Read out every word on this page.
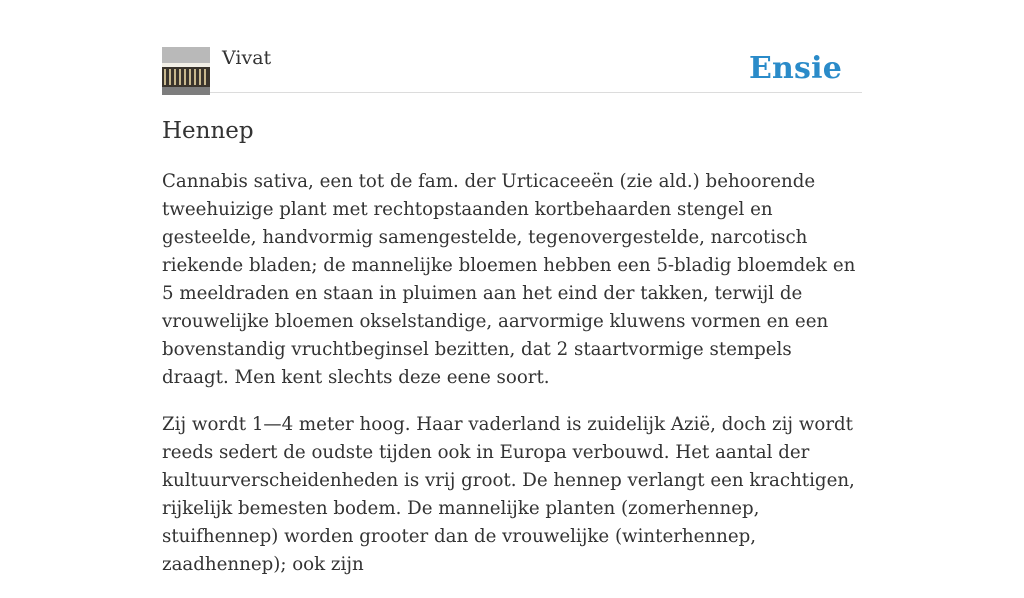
Vivat	Ensie
Hennep

Cannabis sativa, een tot de fam. der Urticaceeën (zie ald.) behoorende tweehuizige plant met rechtopstaanden kortbehaarden stengel en gesteelde, handvormig samengestelde, tegenovergestelde, narcotisch riekende bladen; de mannelijke bloemen hebben een 5-bladig bloemdek en 5 meeldraden en staan in pluimen aan het eind der takken, terwijl de vrouwelijke bloemen okselstandige, aarvormige kluwens vormen en een bovenstandig vruchtbeginsel bezitten, dat 2 staartvormige stempels draagt. Men kent slechts deze eene soort.

Zij wordt 1—4 meter hoog. Haar vaderland is zuidelijk Azië, doch zij wordt reeds sedert de oudste tijden ook in Europa verbouwd. Het aantal der kultuurverscheidenheden is vrij groot. De hennep verlangt een krachtigen, rijkelijk bemesten bodem. De mannelijke planten (zomerhennep, stuifhennep) worden grooter dan de vrouwelijke (winterhennep, zaadhennep); ook zijn
